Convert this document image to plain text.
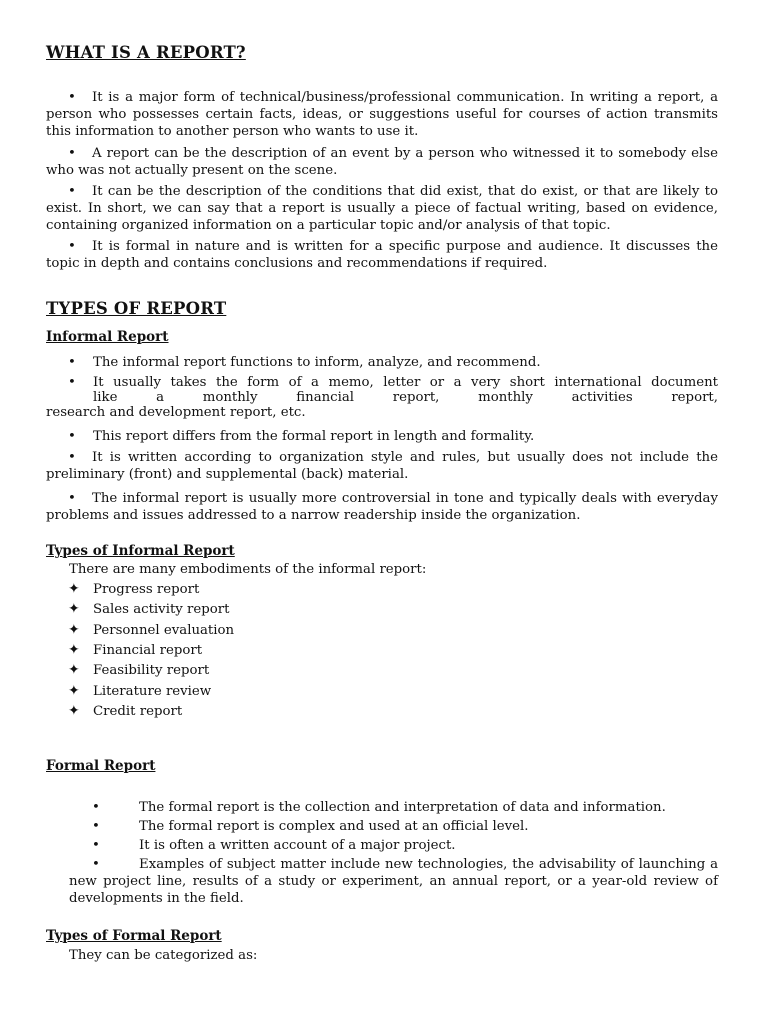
WHAT IS A REPORT?
• It is a major form of technical/business/professional communication. In writing a report, a person who possesses certain facts, ideas, or suggestions useful for courses of action transmits this information to another person who wants to use it.
• A report can be the description of an event by a person who witnessed it to somebody else who was not actually present on the scene.
• It can be the description of the conditions that did exist, that do exist, or that are likely to exist. In short, we can say that a report is usually a piece of factual writing, based on evidence, containing organized information on a particular topic and/or analysis of that topic.
• It is formal in nature and is written for a specific purpose and audience. It discusses the topic in depth and contains conclusions and recommendations if required.
TYPES OF REPORT
Informal Report
•	The informal report functions to inform, analyze, and recommend.
•	It usually takes the form of a memo, letter or a very short international document
like a monthly financial report, monthly activities report,
research and development report, etc.
•	This report differs from the formal report in length and formality.
• It is written according to organization style and rules, but usually does not include the preliminary (front) and supplemental (back) material.
• The informal report is usually more controversial in tone and typically deals with everyday problems and issues addressed to a narrow readership inside the organization.
Types of Informal Report
There are many embodiments of the informal report:
✦ Progress report
✦ Sales activity report
✦ Personnel evaluation
✦ Financial report
✦ Feasibility report
✦ Literature review
✦ Credit report
Formal Report
•	The formal report is the collection and interpretation of data and information.
•	The formal report is complex and used at an official level.
•	It is often a written account of a major project.
•	Examples of subject matter include new technologies, the advisability of launching a new project line, results of a study or experiment, an annual report, or a year-old review of developments in the field.
Types of Formal Report
They can be categorized as:
